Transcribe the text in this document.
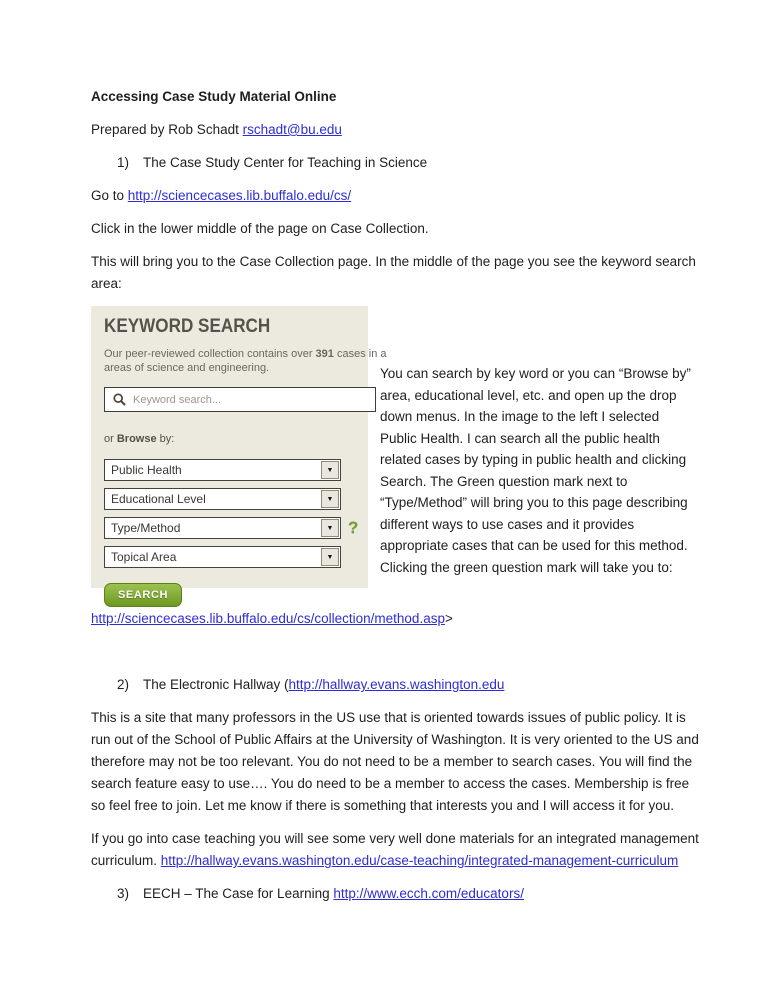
Accessing Case Study Material Online

Prepared by Rob Schadt rschadt@bu.edu

1)	The Case Study Center for Teaching in Science

Go to http://sciencecases.lib.buffalo.edu/cs/

Click in the lower middle of the page on Case Collection.

This will bring you to the Case Collection page. In the middle of the page you see the keyword search area:

KEYWORD SEARCH
Our peer-reviewed collection contains over 391 cases in a
areas of science and engineering.
Keyword search...
or Browse by:
Public Health	▼
Educational Level	▼
Type/Method	▼ ?
Topical Area	▼
SEARCH
You can search by key word or you can “Browse by” area, educational level, etc. and open up the drop down menus. In the image to the left I selected Public Health. I can search all the public health related cases by typing in public health and clicking Search. The Green question mark next to “Type/Method” will bring you to this page describing different ways to use cases and it provides appropriate cases that can be used for this method. Clicking the green question mark will take you to:

http://sciencecases.lib.buffalo.edu/cs/collection/method.asp>

2)	The Electronic Hallway (http://hallway.evans.washington.edu

This is a site that many professors in the US use that is oriented towards issues of public policy. It is run out of the School of Public Affairs at the University of Washington. It is very oriented to the US and therefore may not be too relevant. You do not need to be a member to search cases. You will find the search feature easy to use…. You do need to be a member to access the cases. Membership is free so feel free to join. Let me know if there is something that interests you and I will access it for you.

If you go into case teaching you will see some very well done materials for an integrated management curriculum. http://hallway.evans.washington.edu/case-teaching/integrated-management-curriculum

3)	EECH – The Case for Learning http://www.ecch.com/educators/
